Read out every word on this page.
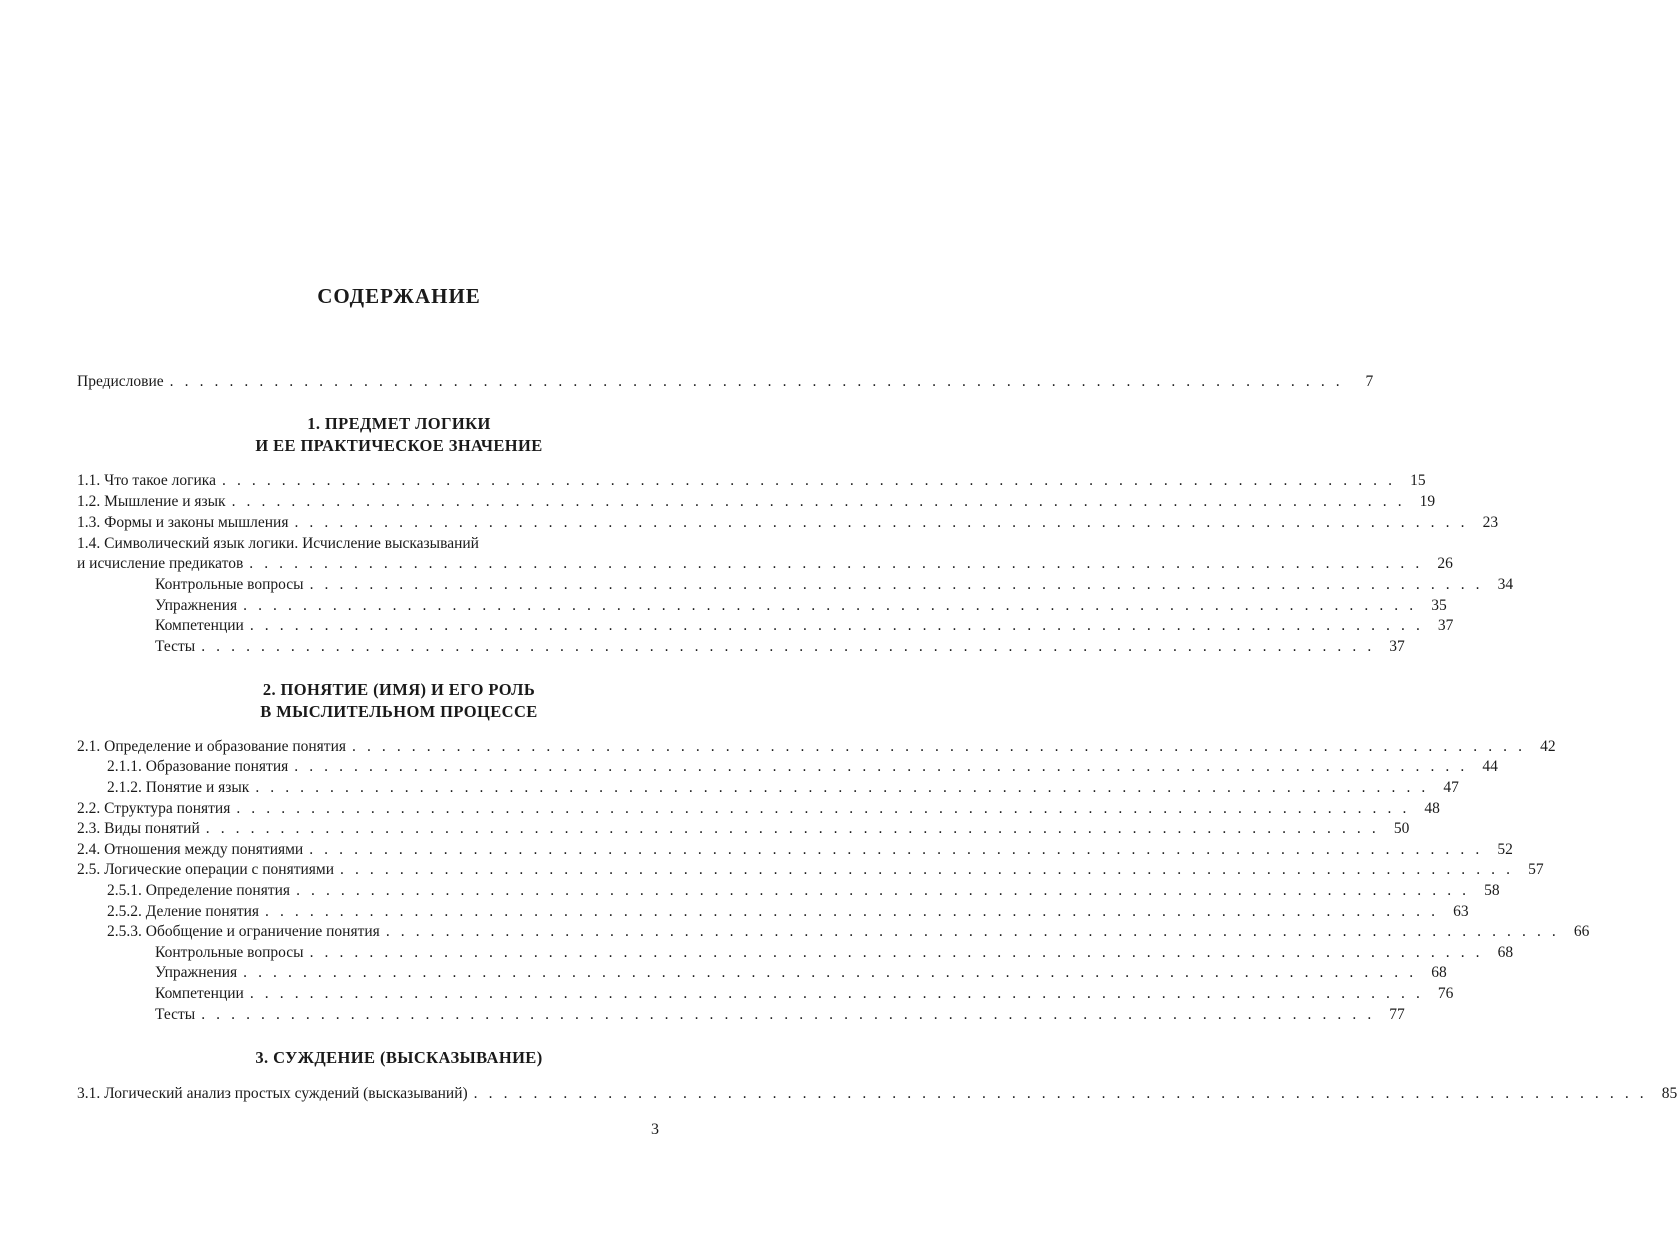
СОДЕРЖАНИЕ
Предисловие . . . . . . . . . . . . . . . . . . . . . . . . . . . . . . . . . . . . . . . . . . . . . . . . . . . . . . . . . . . . . . . . . . . . . . . . . . . . . . .	7
1. ПРЕДМЕТ ЛОГИКИ
И ЕЕ ПРАКТИЧЕСКОЕ ЗНАЧЕНИЕ
1.1. Что такое логика . . . . . . . . . . . . . . . . . . . . . . . . . . . . . . . . . . . . . . . . . . . . . . . . . . . . . . . . . . . . . . . . . . . . . . . . . . . . . . . 15
1.2. Мышление и язык . . . . . . . . . . . . . . . . . . . . . . . . . . . . . . . . . . . . . . . . . . . . . . . . . . . . . . . . . . . . . . . . . . . . . . . . . . . . . . . 19
1.3. Формы и законы мышления . . . . . . . . . . . . . . . . . . . . . . . . . . . . . . . . . . . . . . . . . . . . . . . . . . . . . . . . . . . . . . . . . . . . . . . . . . . . . . . 23
1.4. Символический язык логики. Исчисление высказываний
и исчисление предикатов . . . . . . . . . . . . . . . . . . . . . . . . . . . . . . . . . . . . . . . . . . . . . . . . . . . . . . . . . . . . . . . . . . . . . . . . . . . . . . . 26
Контрольные вопросы . . . . . . . . . . . . . . . . . . . . . . . . . . . . . . . . . . . . . . . . . . . . . . . . . . . . . . . . . . . . . . . . . . . . . . . . . . . . . . . 34
Упражнения . . . . . . . . . . . . . . . . . . . . . . . . . . . . . . . . . . . . . . . . . . . . . . . . . . . . . . . . . . . . . . . . . . . . . . . . . . . . . . . 35
Компетенции . . . . . . . . . . . . . . . . . . . . . . . . . . . . . . . . . . . . . . . . . . . . . . . . . . . . . . . . . . . . . . . . . . . . . . . . . . . . . . . 37
Тесты . . . . . . . . . . . . . . . . . . . . . . . . . . . . . . . . . . . . . . . . . . . . . . . . . . . . . . . . . . . . . . . . . . . . . . . . . . . . . . . 37
2. ПОНЯТИЕ (ИМЯ) И ЕГО РОЛЬ
В МЫСЛИТЕЛЬНОМ ПРОЦЕССЕ
2.1. Определение и образование понятия . . . . . . . . . . . . . . . . . . . . . . . . . . . . . . . . . . . . . . . . . . . . . . . . . . . . . . . . . . . . . . . . . . . . . . . . . . . . . . . 42
2.1.1. Образование понятия . . . . . . . . . . . . . . . . . . . . . . . . . . . . . . . . . . . . . . . . . . . . . . . . . . . . . . . . . . . . . . . . . . . . . . . . . . . . . . . 44
2.1.2. Понятие и язык . . . . . . . . . . . . . . . . . . . . . . . . . . . . . . . . . . . . . . . . . . . . . . . . . . . . . . . . . . . . . . . . . . . . . . . . . . . . . . . 47
2.2. Структура понятия . . . . . . . . . . . . . . . . . . . . . . . . . . . . . . . . . . . . . . . . . . . . . . . . . . . . . . . . . . . . . . . . . . . . . . . . . . . . . . . 48
2.3. Виды понятий . . . . . . . . . . . . . . . . . . . . . . . . . . . . . . . . . . . . . . . . . . . . . . . . . . . . . . . . . . . . . . . . . . . . . . . . . . . . . . . 50
2.4. Отношения между понятиями . . . . . . . . . . . . . . . . . . . . . . . . . . . . . . . . . . . . . . . . . . . . . . . . . . . . . . . . . . . . . . . . . . . . . . . . . . . . . . . 52
2.5. Логические операции с понятиями . . . . . . . . . . . . . . . . . . . . . . . . . . . . . . . . . . . . . . . . . . . . . . . . . . . . . . . . . . . . . . . . . . . . . . . . . . . . . . . 57
2.5.1. Определение понятия . . . . . . . . . . . . . . . . . . . . . . . . . . . . . . . . . . . . . . . . . . . . . . . . . . . . . . . . . . . . . . . . . . . . . . . . . . . . . . . 58
2.5.2. Деление понятия . . . . . . . . . . . . . . . . . . . . . . . . . . . . . . . . . . . . . . . . . . . . . . . . . . . . . . . . . . . . . . . . . . . . . . . . . . . . . . . 63
2.5.3. Обобщение и ограничение понятия . . . . . . . . . . . . . . . . . . . . . . . . . . . . . . . . . . . . . . . . . . . . . . . . . . . . . . . . . . . . . . . . . . . . . . . . . . . . . . . 66
Контрольные вопросы . . . . . . . . . . . . . . . . . . . . . . . . . . . . . . . . . . . . . . . . . . . . . . . . . . . . . . . . . . . . . . . . . . . . . . . . . . . . . . . 68
Упражнения . . . . . . . . . . . . . . . . . . . . . . . . . . . . . . . . . . . . . . . . . . . . . . . . . . . . . . . . . . . . . . . . . . . . . . . . . . . . . . . 68
Компетенции . . . . . . . . . . . . . . . . . . . . . . . . . . . . . . . . . . . . . . . . . . . . . . . . . . . . . . . . . . . . . . . . . . . . . . . . . . . . . . . 76
Тесты . . . . . . . . . . . . . . . . . . . . . . . . . . . . . . . . . . . . . . . . . . . . . . . . . . . . . . . . . . . . . . . . . . . . . . . . . . . . . . . 77
3. СУЖДЕНИЕ (ВЫСКАЗЫВАНИЕ)
3.1. Логический анализ простых суждений (высказываний) . . . . . . . . . . . . . . . . . . . . . . . . . . . . . . . . . . . . . . . . . . . . . . . . . . . . . . . . . . . . . . . . . . . . . . . . . . . . . . . 85
3
